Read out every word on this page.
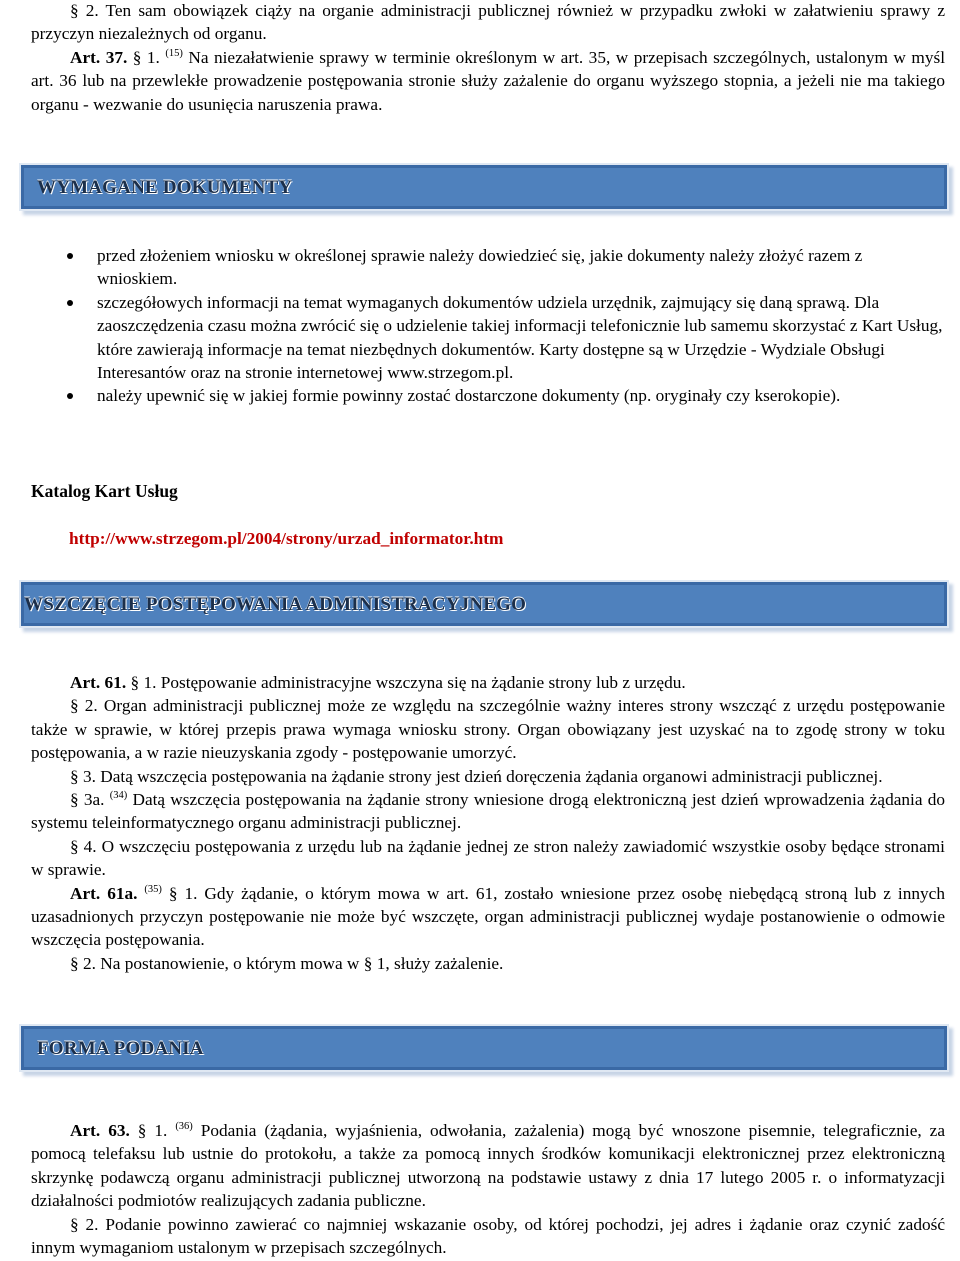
§ 2. Ten sam obowiązek ciąży na organie administracji publicznej również w przypadku zwłoki w załatwieniu sprawy z przyczyn niezależnych od organu.

Art. 37. § 1. $^{(15)}$ Na niezałatwienie sprawy w terminie określonym w art. 35, w przepisach szczególnych, ustalonym w myśl art. 36 lub na przewlekłe prowadzenie postępowania stronie służy zażalenie do organu wyższego stopnia, a jeżeli nie ma takiego organu - wezwanie do usunięcia naruszenia prawa.

WYMAGANE DOKUMENTY
przed złożeniem wniosku w określonej sprawie należy dowiedzieć się, jakie dokumenty należy złożyć razem z wnioskiem.
szczegółowych informacji na temat wymaganych dokumentów udziela urzędnik, zajmujący się daną sprawą. Dla zaoszczędzenia czasu można zwrócić się o udzielenie takiej informacji telefonicznie lub samemu skorzystać z Kart Usług, które zawierają informacje na temat niezbędnych dokumentów. Karty dostępne są w Urzędzie - Wydziale Obsługi Interesantów oraz na stronie internetowej www.strzegom.pl.
należy upewnić się w jakiej formie powinny zostać dostarczone dokumenty (np. oryginały czy kserokopie).
Katalog Kart Usług
http://www.strzegom.pl/2004/strony/urzad_informator.htm
WSZCZĘCIE POSTĘPOWANIA ADMINISTRACYJNEGO

Art. 61. § 1. Postępowanie administracyjne wszczyna się na żądanie strony lub z urzędu.

§ 2. Organ administracji publicznej może ze względu na szczególnie ważny interes strony wszcząć z urzędu postępowanie także w sprawie, w której przepis prawa wymaga wniosku strony. Organ obowiązany jest uzyskać na to zgodę strony w toku postępowania, a w razie nieuzyskania zgody - postępowanie umorzyć.

§ 3. Datą wszczęcia postępowania na żądanie strony jest dzień doręczenia żądania organowi administracji publicznej.

§ 3a. $^{(34)}$ Datą wszczęcia postępowania na żądanie strony wniesione drogą elektroniczną jest dzień wprowadzenia żądania do systemu teleinformatycznego organu administracji publicznej.

§ 4. O wszczęciu postępowania z urzędu lub na żądanie jednej ze stron należy zawiadomić wszystkie osoby będące stronami w sprawie.

Art. 61a. $^{(35)}$ § 1. Gdy żądanie, o którym mowa w art. 61, zostało wniesione przez osobę niebędącą stroną lub z innych uzasadnionych przyczyn postępowanie nie może być wszczęte, organ administracji publicznej wydaje postanowienie o odmowie wszczęcia postępowania.

§ 2. Na postanowienie, o którym mowa w § 1, służy zażalenie.

FORMA PODANIA

Art. 63. § 1. $^{(36)}$ Podania (żądania, wyjaśnienia, odwołania, zażalenia) mogą być wnoszone pisemnie, telegraficznie, za pomocą telefaksu lub ustnie do protokołu, a także za pomocą innych środków komunikacji elektronicznej przez elektroniczną skrzynkę podawczą organu administracji publicznej utworzoną na podstawie ustawy z dnia 17 lutego 2005 r. o informatyzacji działalności podmiotów realizujących zadania publiczne.

§ 2. Podanie powinno zawierać co najmniej wskazanie osoby, od której pochodzi, jej adres i żądanie oraz czynić zadość innym wymaganiom ustalonym w przepisach szczególnych.
